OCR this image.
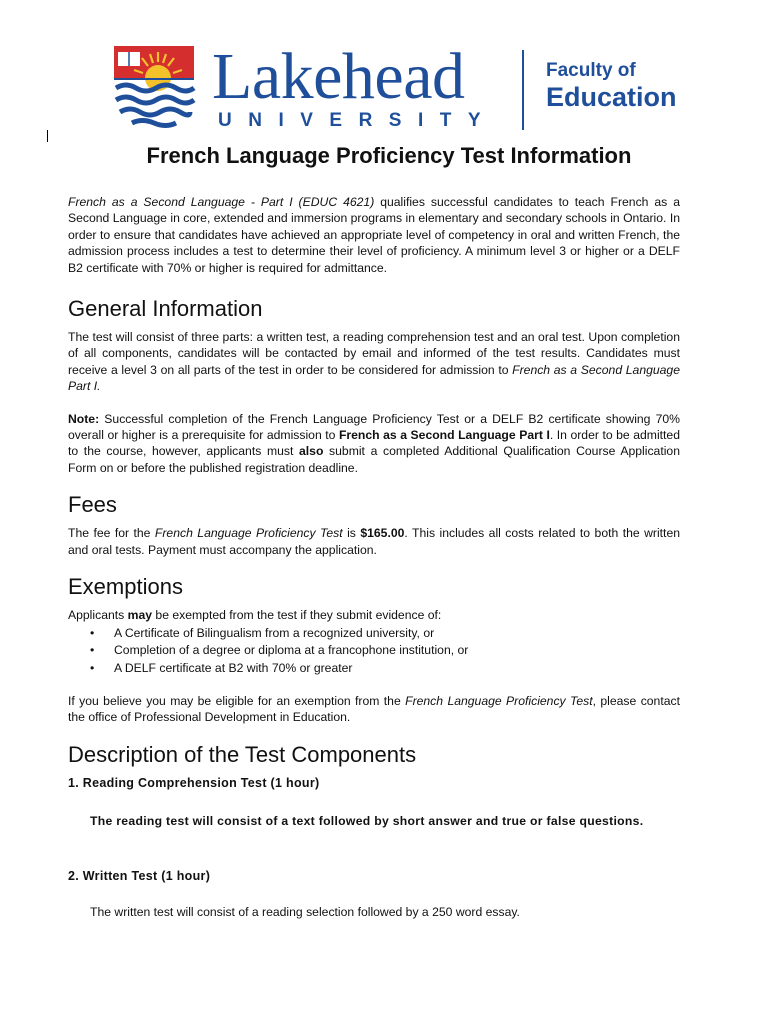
Lakehead
UNIVERSITY
Faculty of
Education
French Language Proficiency Test Information

French as a Second Language - Part I (EDUC 4621) qualifies successful candidates to teach French as a Second Language in core, extended and immersion programs in elementary and secondary schools in Ontario. In order to ensure that candidates have achieved an appropriate level of competency in oral and written French, the admission process includes a test to determine their level of proficiency. A minimum level 3 or higher or a DELF B2 certificate with 70% or higher is required for admittance.

General Information

The test will consist of three parts: a written test, a reading comprehension test and an oral test. Upon completion of all components, candidates will be contacted by email and informed of the test results. Candidates must receive a level 3 on all parts of the test in order to be considered for admission to French as a Second Language Part I.

Note: Successful completion of the French Language Proficiency Test or a DELF B2 certificate showing 70% overall or higher is a prerequisite for admission to French as a Second Language Part I. In order to be admitted to the course, however, applicants must also submit a completed Additional Qualification Course Application Form on or before the published registration deadline.

Fees

The fee for the French Language Proficiency Test is $165.00. This includes all costs related to both the written and oral tests. Payment must accompany the application.

Exemptions

Applicants may be exempted from the test if they submit evidence of:

• A Certificate of Bilingualism from a recognized university, or
• Completion of a degree or diploma at a francophone institution, or
• A DELF certificate at B2 with 70% or greater

If you believe you may be eligible for an exemption from the French Language Proficiency Test, please contact the office of Professional Development in Education.

Description of the Test Components
1. Reading Comprehension Test (1 hour)

The reading test will consist of a text followed by short answer and true or false questions.

2. Written Test (1 hour)

The written test will consist of a reading selection followed by a 250 word essay.
